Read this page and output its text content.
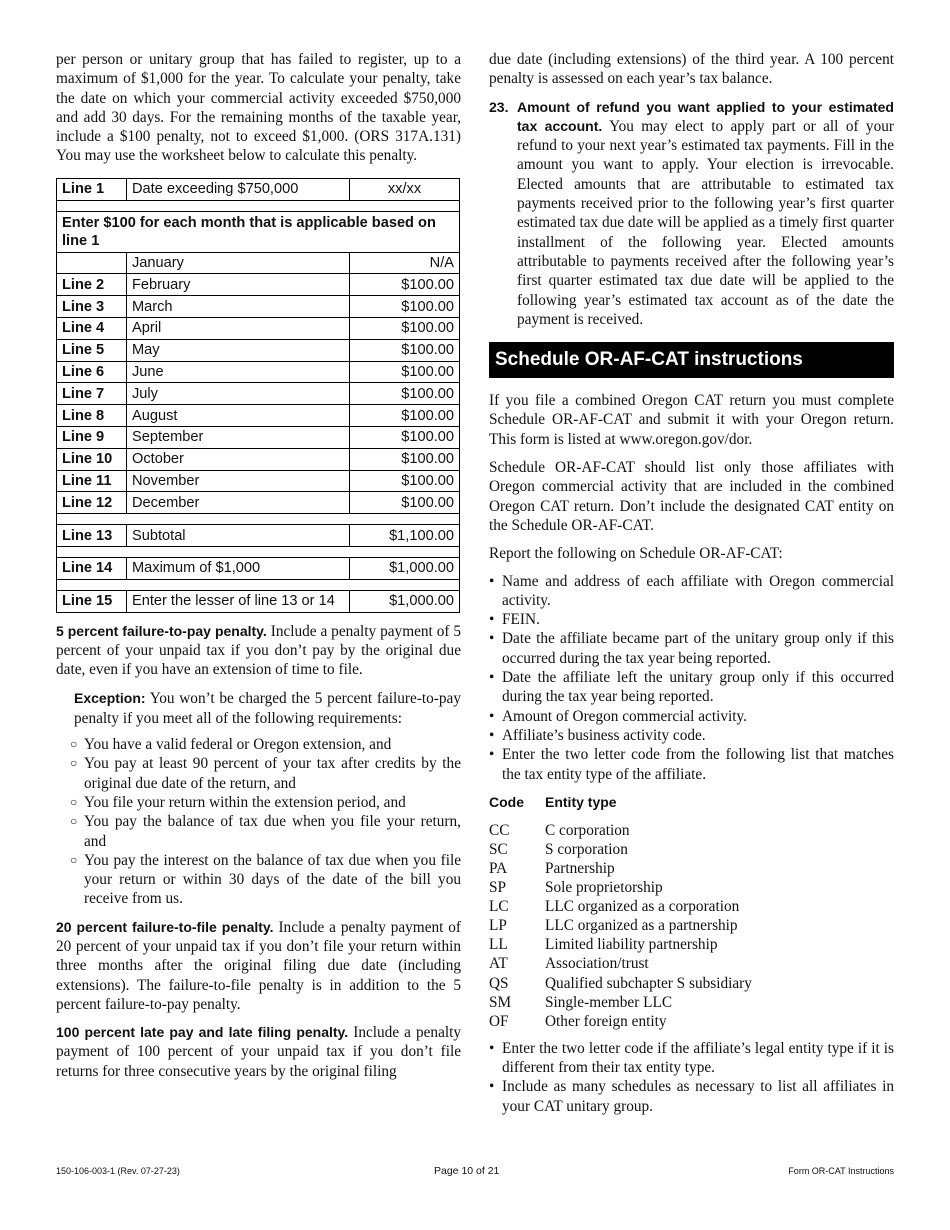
per person or unitary group that has failed to register, up to a maximum of $1,000 for the year. To calculate your penalty, take the date on which your commercial activity exceeded $750,000 and add 30 days. For the remaining months of the taxable year, include a $100 penalty, not to exceed $1,000. (ORS 317A.131) You may use the worksheet below to calculate this penalty.

Line 1	Date exceeding $750,000	xx/xx

Enter $100 for each month that is applicable based on line 1		
	January	N/A
Line 2	February	$100.00
Line 3	March	$100.00
Line 4	April	$100.00
Line 5	May	$100.00
Line 6	June	$100.00
Line 7	July	$100.00
Line 8	August	$100.00
Line 9	September	$100.00
Line 10	October	$100.00
Line 11	November	$100.00
Line 12	December	$100.00

Line 13	Subtotal	$1,100.00

Line 14	Maximum of $1,000	$1,000.00

Line 15	Enter the lesser of line 13 or 14	$1,000.00

5 percent failure-to-pay penalty. Include a penalty payment of 5 percent of your unpaid tax if you don’t pay by the original due date, even if you have an extension of time to file.

Exception: You won’t be charged the 5 percent failure-to-pay penalty if you meet all of the following requirements:

○ You have a valid federal or Oregon extension, and
○ You pay at least 90 percent of your tax after credits by the original due date of the return, and
○ You file your return within the extension period, and
○ You pay the balance of tax due when you file your return, and
○ You pay the interest on the balance of tax due when you file your return or within 30 days of the date of the bill you receive from us.

20 percent failure-to-file penalty. Include a penalty payment of 20 percent of your unpaid tax if you don’t file your return within three months after the original filing due date (including extensions). The failure-to-file penalty is in addition to the 5 percent failure-to-pay penalty.

100 percent late pay and late filing penalty. Include a penalty payment of 100 percent of your unpaid tax if you don’t file returns for three consecutive years by the original filing

due date (including extensions) of the third year. A 100 percent penalty is assessed on each year’s tax balance.

23. Amount of refund you want applied to your estimated tax account. You may elect to apply part or all of your refund to your next year’s estimated tax payments. Fill in the amount you want to apply. Your election is irrevocable. Elected amounts that are attributable to estimated tax payments received prior to the following year’s first quarter estimated tax due date will be applied as a timely first quarter installment of the following year. Elected amounts attributable to payments received after the following year’s first quarter estimated tax due date will be applied to the following year’s estimated tax account as of the date the payment is received.

Schedule OR-AF-CAT instructions

If you file a combined Oregon CAT return you must complete Schedule OR-AF-CAT and submit it with your Oregon return. This form is listed at www.oregon.gov/dor.

Schedule OR-AF-CAT should list only those affiliates with Oregon commercial activity that are included in the combined Oregon CAT return. Don’t include the designated CAT entity on the Schedule OR-AF-CAT.

Report the following on Schedule OR-AF-CAT:

• Name and address of each affiliate with Oregon commercial activity.
• FEIN.
• Date the affiliate became part of the unitary group only if this occurred during the tax year being reported.
• Date the affiliate left the unitary group only if this occurred during the tax year being reported.
• Amount of Oregon commercial activity.
• Affiliate’s business activity code.
• Enter the two letter code from the following list that matches the tax entity type of the affiliate.
Code	Entity type
CC	C corporation
SC	S corporation
PA	Partnership
SP	Sole proprietorship
LC	LLC organized as a corporation
LP	LLC organized as a partnership
LL	Limited liability partnership
AT	Association/trust
QS	Qualified subchapter S subsidiary
SM	Single-member LLC
OF	Other foreign entity
• Enter the two letter code if the affiliate’s legal entity type if it is different from their tax entity type.
• Include as many schedules as necessary to list all affiliates in your CAT unitary group.
150-106-003-1 (Rev. 07-27-23)	Page 10 of 21	Form OR-CAT Instructions
